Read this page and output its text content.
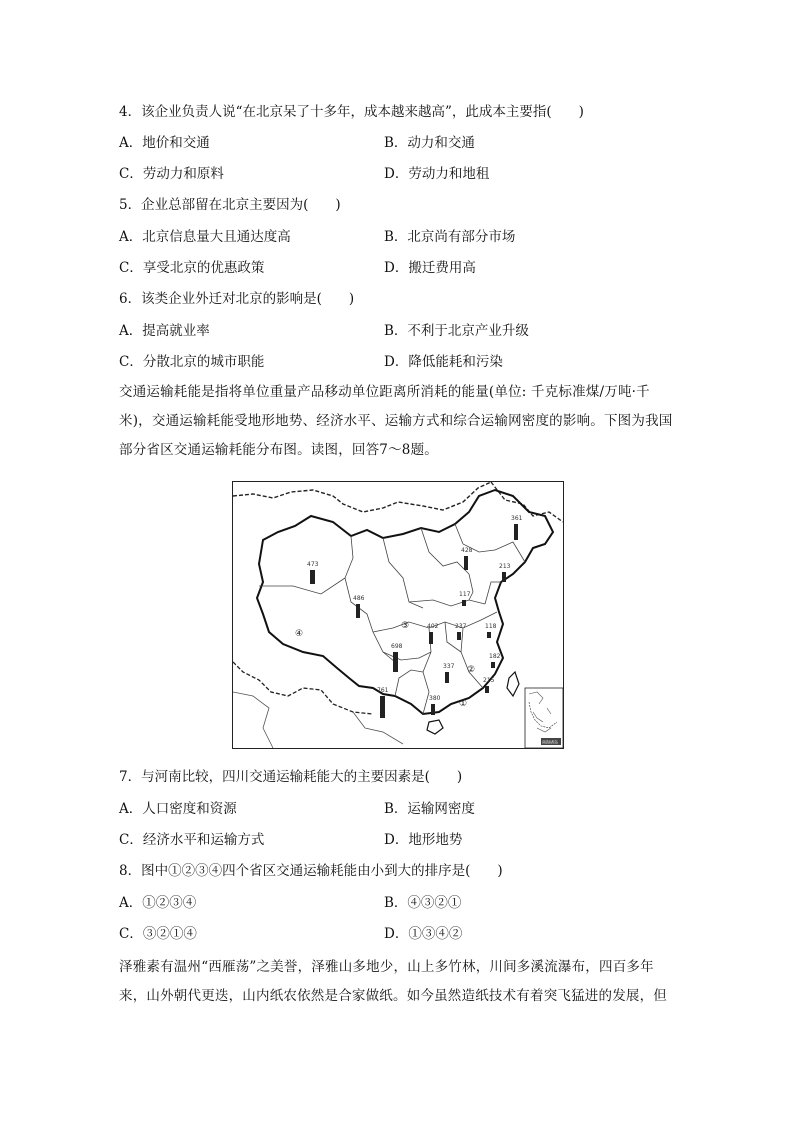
4．该企业负责人说“在北京呆了十多年，成本越来越高”，此成本主要指(　　)
A．地价和交通	B．动力和交通
C．劳动力和原料	D．劳动力和地租
5．企业总部留在北京主要因为(　　)
A．北京信息量大且通达度高	B．北京尚有部分市场
C．享受北京的优惠政策	D．搬迁费用高
6．该类企业外迁对北京的影响是(　　)
A．提高就业率	B．不利于北京产业升级
C．分散北京的城市职能	D．降低能耗和污染
交通运输耗能是指将单位重量产品移动单位距离所消耗的能量(单位: 千克标准煤/万吨·千米)，交通运输耗能受地形地势、经济水平、运输方式和综合运输网密度的影响。下图为我国部分省区交通运输耗能分布图。读图，回答7～8题。
361
428
213
473
486
117
402	237	118
698
337
182
761
380
215
①
②
③
④
南海诸岛
7．与河南比较，四川交通运输耗能大的主要因素是(　　)
A．人口密度和资源	B．运输网密度
C．经济水平和运输方式	D．地形地势
8．图中①②③④四个省区交通运输耗能由小到大的排序是(　　)
A．①②③④	B．④③②①
C．③②①④	D．①③④②
泽雅素有温州“西雁荡”之美誉，泽雅山多地少，山上多竹林，川间多溪流瀑布，四百多年来，山外朝代更迭，山内纸农依然是合家做纸。如今虽然造纸技术有着突飞猛进的发展，但
